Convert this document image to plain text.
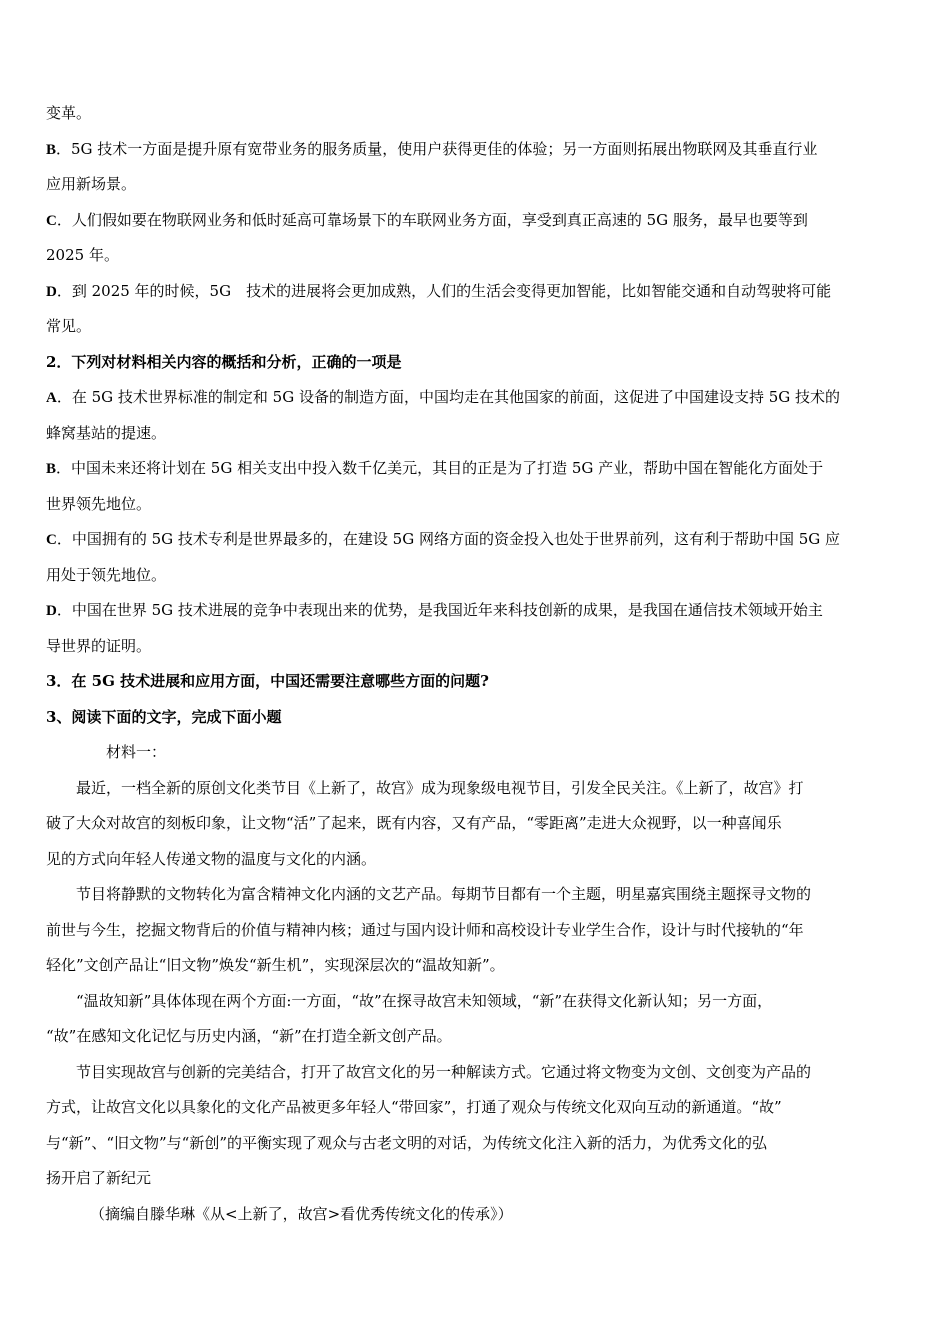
变革。
B．5G 技术一方面是提升原有宽带业务的服务质量，使用户获得更佳的体验；另一方面则拓展出物联网及其垂直行业
应用新场景。
C．人们假如要在物联网业务和低时延高可靠场景下的车联网业务方面，享受到真正高速的 5G 服务，最早也要等到
2025 年。
D．到 2025 年的时候，5G　技术的进展将会更加成熟，人们的生活会变得更加智能，比如智能交通和自动驾驶将可能
常见。
2．下列对材料相关内容的概括和分析，正确的一项是
A．在 5G 技术世界标准的制定和 5G 设备的制造方面，中国均走在其他国家的前面，这促进了中国建设支持 5G 技术的
蜂窝基站的提速。
B．中国未来还将计划在 5G 相关支出中投入数千亿美元，其目的正是为了打造 5G 产业，帮助中国在智能化方面处于
世界领先地位。
C．中国拥有的 5G 技术专利是世界最多的，在建设 5G 网络方面的资金投入也处于世界前列，这有利于帮助中国 5G 应
用处于领先地位。
D．中国在世界 5G 技术进展的竞争中表现出来的优势，是我国近年来科技创新的成果，是我国在通信技术领域开始主
导世界的证明。
3．在 5G 技术进展和应用方面，中国还需要注意哪些方面的问题?
3、阅读下面的文字，完成下面小题
材料一：
最近，一档全新的原创文化类节目《上新了，故宫》成为现象级电视节目，引发全民关注。《上新了，故宫》打
破了大众对故宫的刻板印象，让文物“活”了起来，既有内容，又有产品，“零距离”走进大众视野，以一种喜闻乐
见的方式向年轻人传递文物的温度与文化的内涵。
节目将静默的文物转化为富含精神文化内涵的文艺产品。每期节目都有一个主题，明星嘉宾围绕主题探寻文物的
前世与今生，挖掘文物背后的价值与精神内核；通过与国内设计师和高校设计专业学生合作，设计与时代接轨的“年
轻化”文创产品让“旧文物”焕发“新生机”，实现深层次的“温故知新”。
“温故知新”具体体现在两个方面:一方面，“故”在探寻故宫未知领域，“新”在获得文化新认知；另一方面，
“故”在感知文化记忆与历史内涵，“新”在打造全新文创产品。
节目实现故宫与创新的完美结合，打开了故宫文化的另一种解读方式。它通过将文物变为文创、文创变为产品的
方式，让故宫文化以具象化的文化产品被更多年轻人“带回家”，打通了观众与传统文化双向互动的新通道。“故”
与“新”、“旧文物”与“新创”的平衡实现了观众与古老文明的对话，为传统文化注入新的活力，为优秀文化的弘
扬开启了新纪元
（摘编自滕华琳《从<上新了，故宫>看优秀传统文化的传承》）
